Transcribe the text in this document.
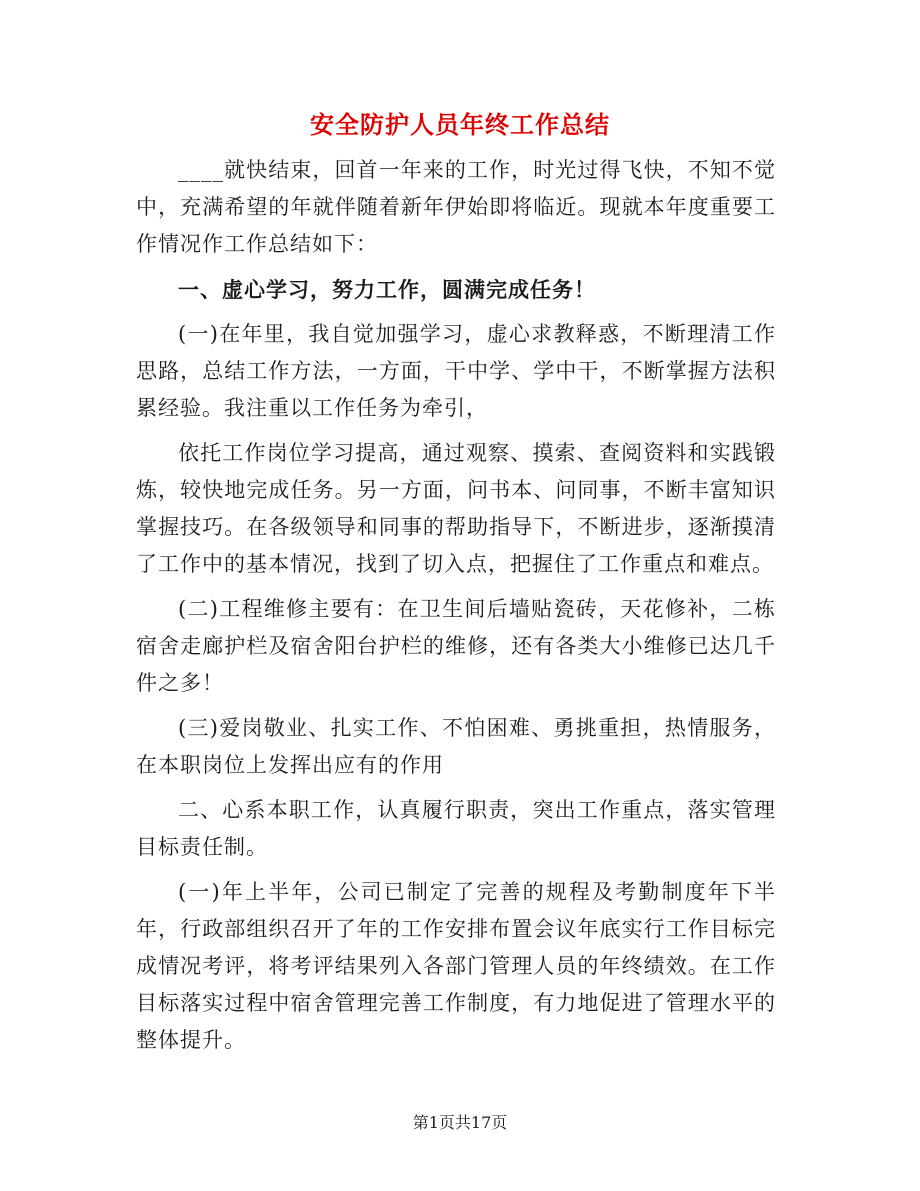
安全防护人员年终工作总结

____就快结束，回首一年来的工作，时光过得飞快，不知不觉中，充满希望的年就伴随着新年伊始即将临近。现就本年度重要工作情况作工作总结如下：

一、虚心学习，努力工作，圆满完成任务！

(一)在年里，我自觉加强学习，虚心求教释惑，不断理清工作思路，总结工作方法，一方面，干中学、学中干，不断掌握方法积累经验。我注重以工作任务为牵引，

依托工作岗位学习提高，通过观察、摸索、查阅资料和实践锻炼，较快地完成任务。另一方面，问书本、问同事，不断丰富知识掌握技巧。在各级领导和同事的帮助指导下，不断进步，逐渐摸清了工作中的基本情况，找到了切入点，把握住了工作重点和难点。

(二)工程维修主要有：在卫生间后墙贴瓷砖，天花修补，二栋宿舍走廊护栏及宿舍阳台护栏的维修，还有各类大小维修已达几千件之多！

(三)爱岗敬业、扎实工作、不怕困难、勇挑重担，热情服务，在本职岗位上发挥出应有的作用

二、心系本职工作，认真履行职责，突出工作重点，落实管理目标责任制。

(一)年上半年，公司已制定了完善的规程及考勤制度年下半年，行政部组织召开了年的工作安排布置会议年底实行工作目标完成情况考评，将考评结果列入各部门管理人员的年终绩效。在工作目标落实过程中宿舍管理完善工作制度，有力地促进了管理水平的整体提升。

第1页共17页
